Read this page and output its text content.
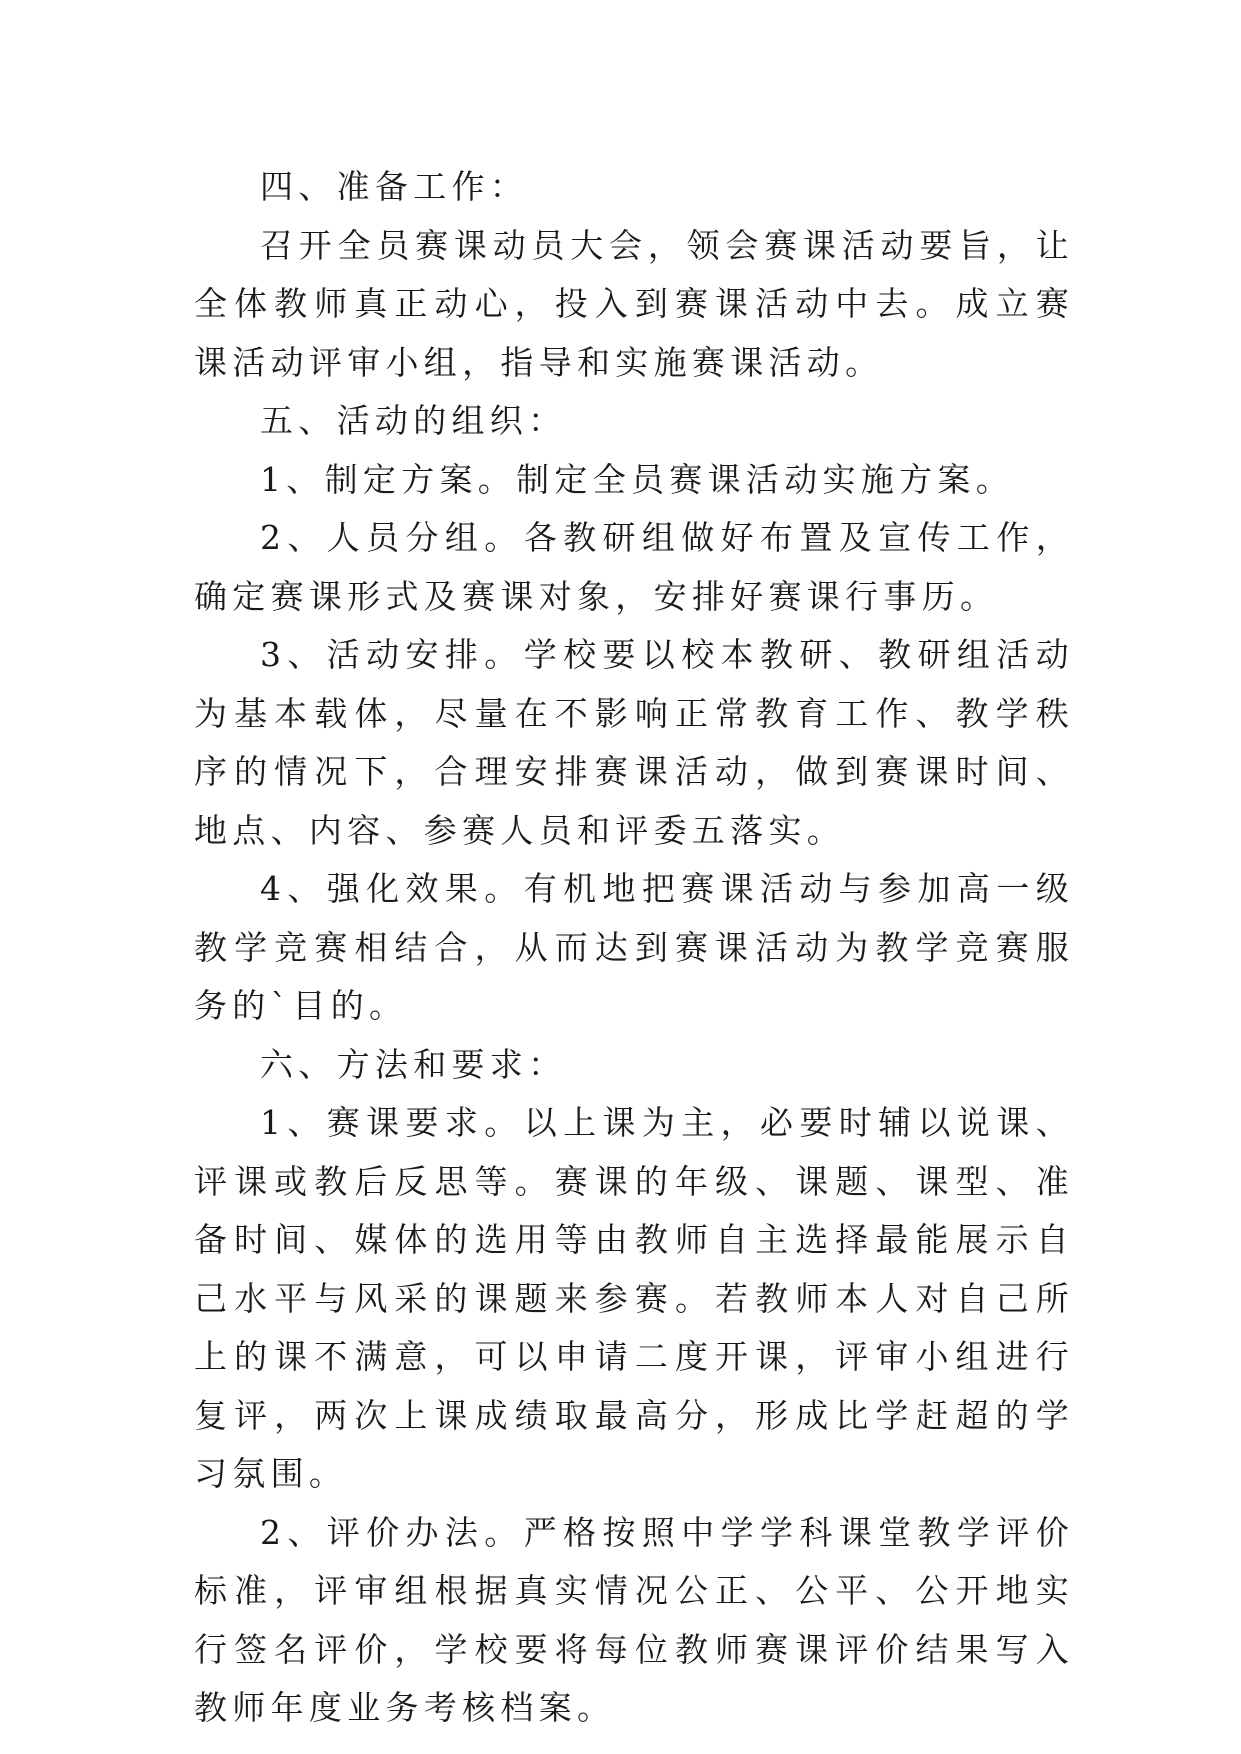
四、准备工作：

召开全员赛课动员大会，领会赛课活动要旨，让全体教师真正动心，投入到赛课活动中去。成立赛课活动评审小组，指导和实施赛课活动。

五、活动的组织：

1、制定方案。制定全员赛课活动实施方案。

2、人员分组。各教研组做好布置及宣传工作，确定赛课形式及赛课对象，安排好赛课行事历。

3、活动安排。学校要以校本教研、教研组活动为基本载体，尽量在不影响正常教育工作、教学秩序的情况下，合理安排赛课活动，做到赛课时间、地点、内容、参赛人员和评委五落实。

4、强化效果。有机地把赛课活动与参加高一级教学竞赛相结合，从而达到赛课活动为教学竞赛服务的`目的。

六、方法和要求：

1、赛课要求。以上课为主，必要时辅以说课、评课或教后反思等。赛课的年级、课题、课型、准备时间、媒体的选用等由教师自主选择最能展示自己水平与风采的课题来参赛。若教师本人对自己所上的课不满意，可以申请二度开课，评审小组进行复评，两次上课成绩取最高分，形成比学赶超的学习氛围。

2、评价办法。严格按照中学学科课堂教学评价标准，评审组根据真实情况公正、公平、公开地实行签名评价，学校要将每位教师赛课评价结果写入教师年度业务考核档案。
